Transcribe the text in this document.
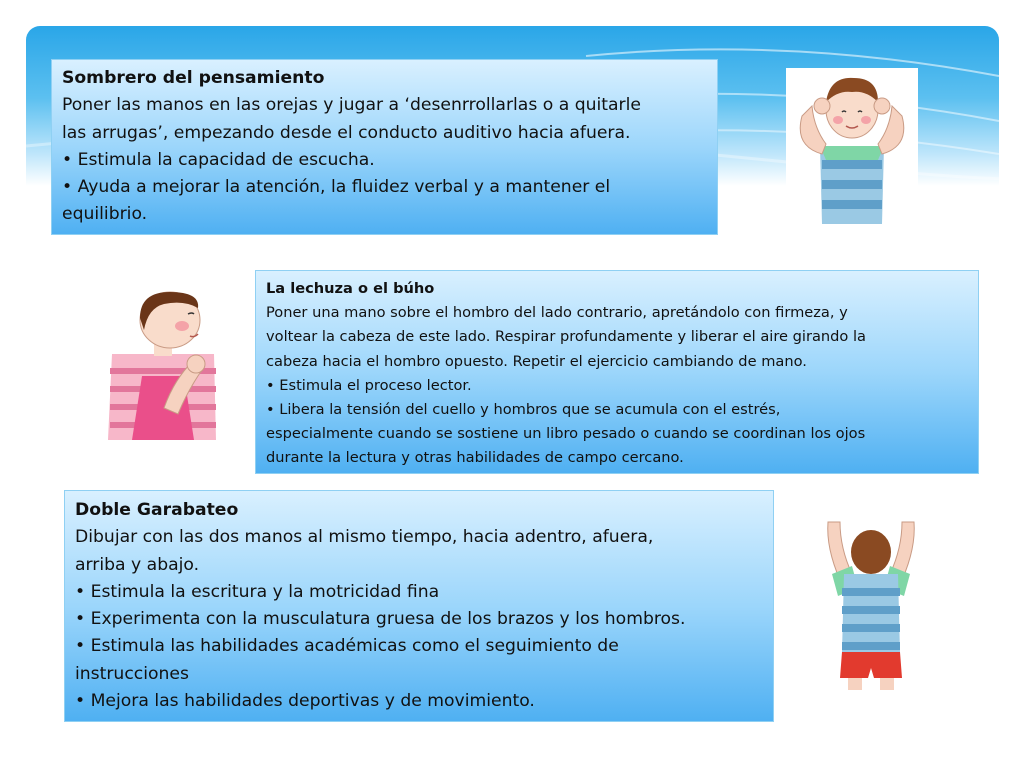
Sombrero del pensamiento
Poner las manos en las orejas y jugar a ‘desenrrollarlas o a quitarle
las arrugas’, empezando desde el conducto auditivo hacia afuera.
• Estimula la capacidad de escucha.
• Ayuda a mejorar la atención, la fluidez verbal y a mantener el
equilibrio.
La lechuza o el búho
Poner una mano sobre el hombro del lado contrario, apretándolo con firmeza, y
voltear la cabeza de este lado. Respirar profundamente y liberar el aire girando la
cabeza hacia el hombro opuesto. Repetir el ejercicio cambiando de mano.
• Estimula el proceso lector.
• Libera la tensión del cuello y hombros que se acumula con el estrés,
especialmente cuando se sostiene un libro pesado o cuando se coordinan los ojos
durante la lectura y otras habilidades de campo cercano.
Doble Garabateo
Dibujar con las dos manos al mismo tiempo, hacia adentro, afuera,
arriba y abajo.
• Estimula la escritura y la motricidad fina
• Experimenta con la musculatura gruesa de los brazos y los hombros.
• Estimula las habilidades académicas como el seguimiento de
instrucciones
• Mejora las habilidades deportivas y de movimiento.
